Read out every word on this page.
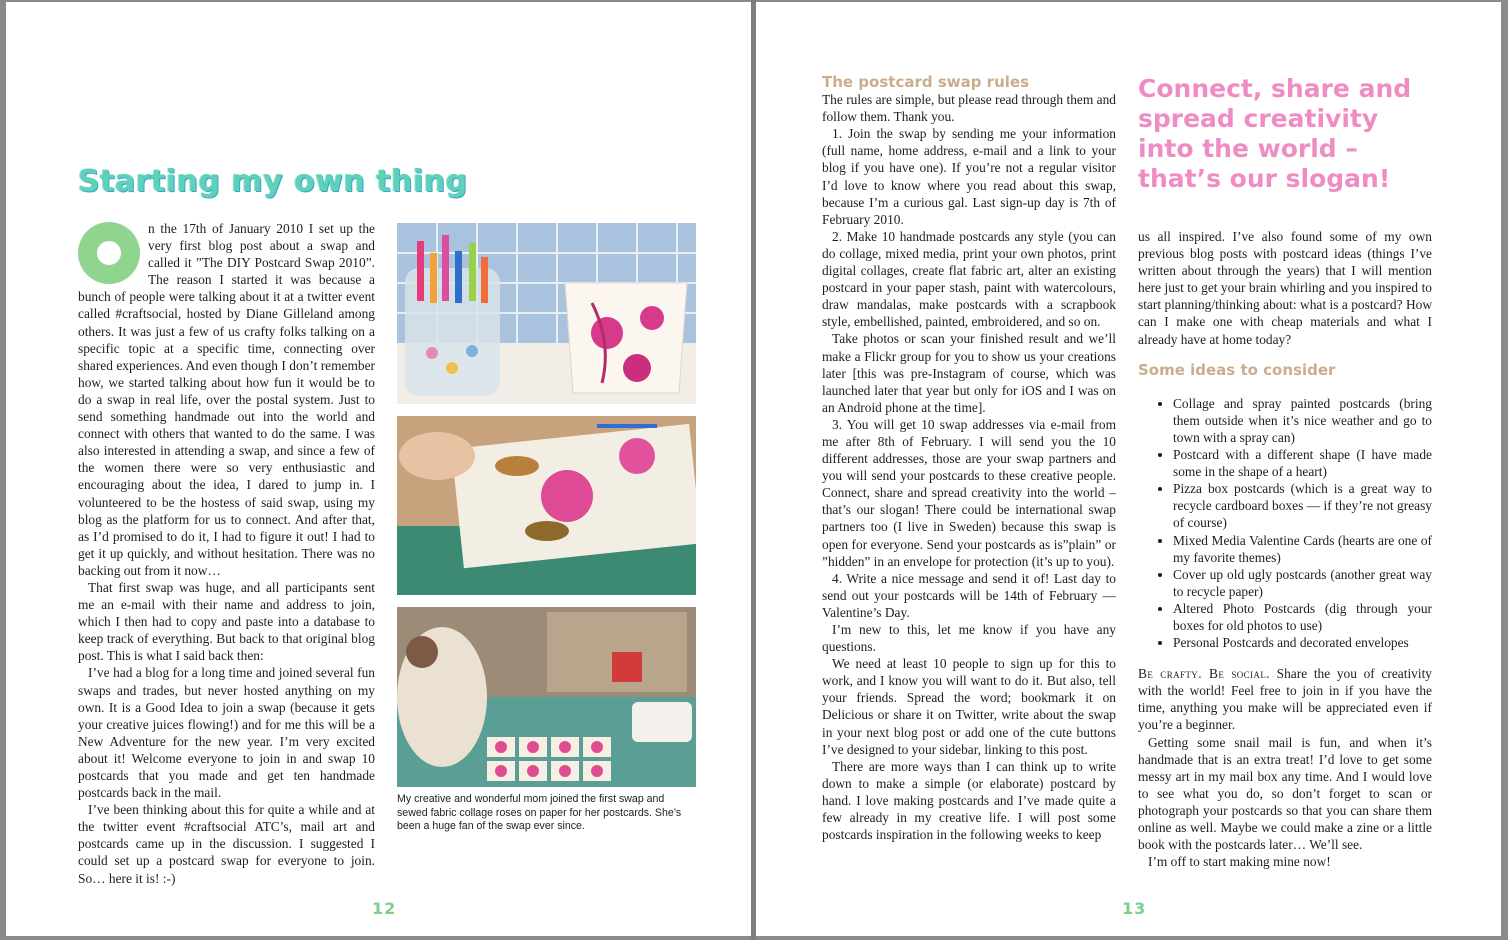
Starting my own thing

n the 17th of January 2010 I set up the very first blog post about a swap and called it ”The DIY Postcard Swap 2010”. The reason I started it was because a bunch of people were talking about it at a twitter event called #craftsocial, hosted by Diane Gilleland among others. It was just a few of us crafty folks talking on a specific topic at a specific time, connecting over shared experiences. And even though I don’t remember how, we started talking about how fun it would be to do a swap in real life, over the postal system. Just to send something handmade out into the world and connect with others that wanted to do the same. I was also interested in attending a swap, and since a few of the women there were so very enthusiastic and encouraging about the idea, I dared to jump in. I volunteered to be the hostess of said swap, using my blog as the platform for us to connect. And after that, as I’d promised to do it, I had to figure it out! I had to get it up quickly, and without hesitation. There was no backing out from it now…

That first swap was huge, and all participants sent me an e-mail with their name and address to join, which I then had to copy and paste into a database to keep track of everything. But back to that original blog post. This is what I said back then:

I’ve had a blog for a long time and joined several fun swaps and trades, but never hosted anything on my own. It is a Good Idea to join a swap (because it gets your creative juices flowing!) and for me this will be a New Adventure for the new year. I’m very excited about it! Welcome everyone to join in and swap 10 postcards that you made and get ten handmade postcards back in the mail.

I’ve been thinking about this for quite a while and at the twitter event #craftsocial ATC’s, mail art and postcards came up in the discussion. I suggested I could set up a postcard swap for everyone to join. So… here it is! :-)

My creative and wonderful mom joined the first swap and sewed fabric collage roses on paper for her postcards. She’s been a huge fan of the swap ever since.
12
The postcard swap rules

The rules are simple, but please read through them and follow them. Thank you.

1. Join the swap by sending me your information (full name, home address, e-mail and a link to your blog if you have one). If you’re not a regular visitor I’d love to know where you read about this swap, because I’m a curious gal. Last sign-up day is 7th of February 2010.

2. Make 10 handmade postcards any style (you can do collage, mixed media, print your own photos, print digital collages, create flat fabric art, alter an existing postcard in your paper stash, paint with watercolours, draw mandalas, make postcards with a scrapbook style, embellished, painted, embroidered, and so on.

Take photos or scan your finished result and we’ll make a Flickr group for you to show us your creations later [this was pre-Instagram of course, which was launched later that year but only for iOS and I was on an Android phone at the time].

3. You will get 10 swap addresses via e-mail from me after 8th of February. I will send you the 10 different addresses, those are your swap partners and you will send your postcards to these creative people. Connect, share and spread creativity into the world – that’s our slogan! There could be international swap partners too (I live in Sweden) because this swap is open for everyone. Send your postcards as is”plain” or ”hidden” in an envelope for protection (it’s up to you).

4. Write a nice message and send it of! Last day to send out your postcards will be 14th of February — Valentine’s Day.

I’m new to this, let me know if you have any questions.

We need at least 10 people to sign up for this to work, and I know you will want to do it. But also, tell your friends. Spread the word; bookmark it on Delicious or share it on Twitter, write about the swap in your next blog post or add one of the cute buttons I’ve designed to your sidebar, linking to this post.

There are more ways than I can think up to write down to make a simple (or elaborate) postcard by hand. I love making postcards and I’ve made quite a few already in my creative life. I will post some postcards inspiration in the following weeks to keep

Connect, share and spread creativity into the world – that’s our slogan!

us all inspired. I’ve also found some of my own previous blog posts with postcard ideas (things I’ve written about through the years) that I will mention here just to get your brain whirling and you inspired to start planning/thinking about: what is a postcard? How can I make one with cheap materials and what I already have at home today?

Some ideas to consider
• Collage and spray painted postcards (bring them outside when it’s nice weather and go to town with a spray can)
• Postcard with a different shape (I have made some in the shape of a heart)
• Pizza box postcards (which is a great way to recycle cardboard boxes — if they’re not greasy of course)
• Mixed Media Valentine Cards (hearts are one of my favorite themes)
• Cover up old ugly postcards (another great way to recycle paper)
• Altered Photo Postcards (dig through your boxes for old photos to use)
• Personal Postcards and decorated envelopes

Be crafty. Be social. Share the you of creativity with the world! Feel free to join in if you have the time, anything you make will be appreciated even if you’re a beginner.

Getting some snail mail is fun, and when it’s handmade that is an extra treat! I’d love to get some messy art in my mail box any time. And I would love to see what you do, so don’t forget to scan or photograph your postcards so that you can share them online as well. Maybe we could make a zine or a little book with the postcards later… We’ll see.

I’m off to start making mine now!

13
